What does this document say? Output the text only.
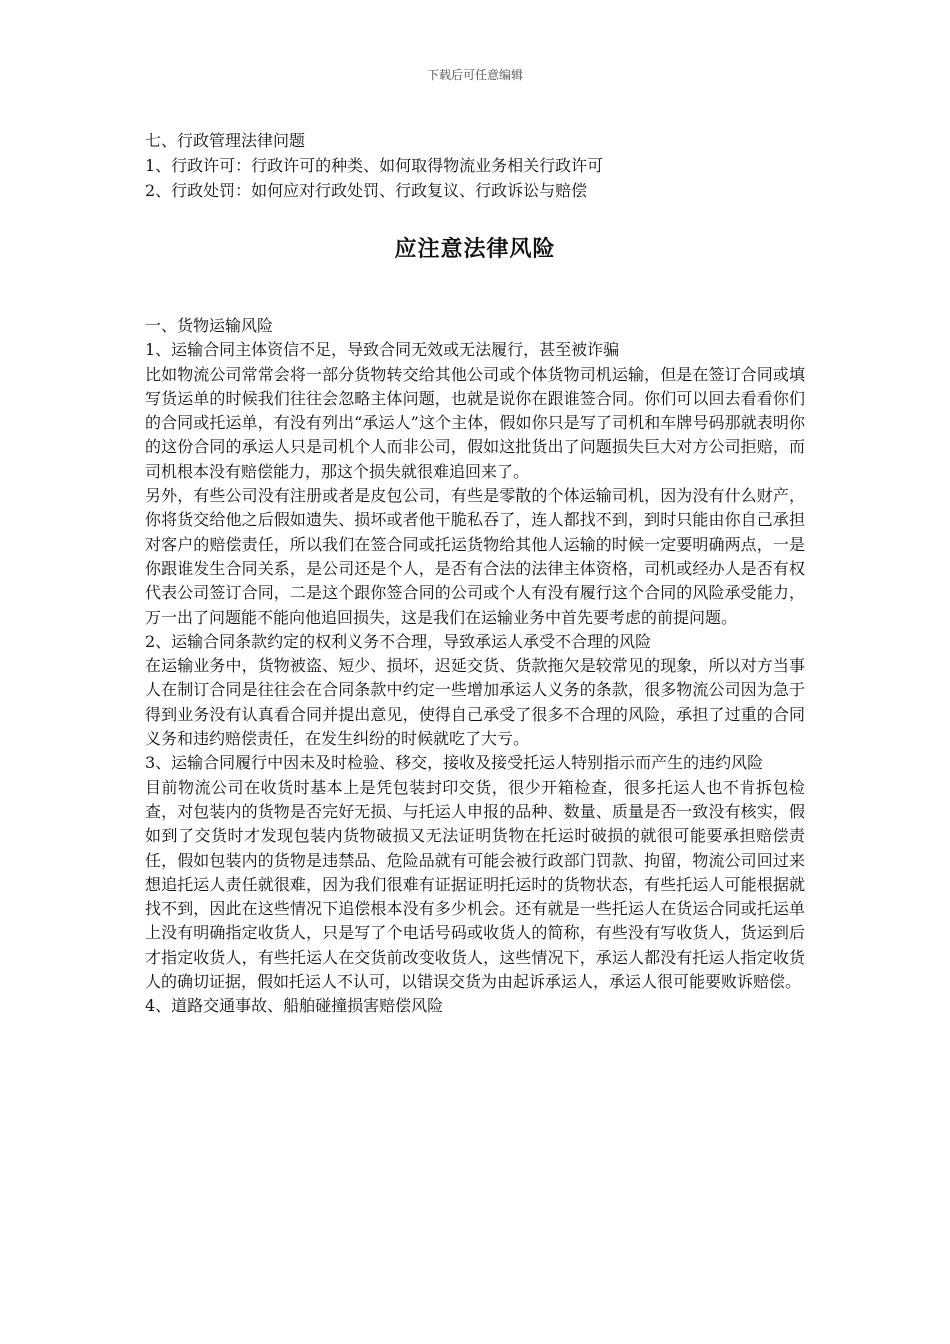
下载后可任意编辑
七、行政管理法律问题
1、行政许可：行政许可的种类、如何取得物流业务相关行政许可
2、行政处罚：如何应对行政处罚、行政复议、行政诉讼与赔偿
应注意法律风险
一、货物运输风险
1、运输合同主体资信不足，导致合同无效或无法履行，甚至被诈骗
比如物流公司常常会将一部分货物转交给其他公司或个体货物司机运输，但是在签订合同或填写货运单的时候我们往往会忽略主体问题，也就是说你在跟谁签合同。你们可以回去看看你们的合同或托运单，有没有列出“承运人”这个主体，假如你只是写了司机和车牌号码那就表明你的这份合同的承运人只是司机个人而非公司，假如这批货出了问题损失巨大对方公司拒赔，而司机根本没有赔偿能力，那这个损失就很难追回来了。
另外，有些公司没有注册或者是皮包公司，有些是零散的个体运输司机，因为没有什么财产，你将货交给他之后假如遗失、损坏或者他干脆私吞了，连人都找不到，到时只能由你自己承担对客户的赔偿责任，所以我们在签合同或托运货物给其他人运输的时候一定要明确两点，一是你跟谁发生合同关系，是公司还是个人，是否有合法的法律主体资格，司机或经办人是否有权代表公司签订合同，二是这个跟你签合同的公司或个人有没有履行这个合同的风险承受能力，万一出了问题能不能向他追回损失，这是我们在运输业务中首先要考虑的前提问题。
2、运输合同条款约定的权利义务不合理，导致承运人承受不合理的风险
在运输业务中，货物被盗、短少、损坏，迟延交货、货款拖欠是较常见的现象，所以对方当事人在制订合同是往往会在合同条款中约定一些增加承运人义务的条款，很多物流公司因为急于得到业务没有认真看合同并提出意见，使得自己承受了很多不合理的风险，承担了过重的合同义务和违约赔偿责任，在发生纠纷的时候就吃了大亏。
3、运输合同履行中因未及时检验、移交，接收及接受托运人特别指示而产生的违约风险
目前物流公司在收货时基本上是凭包装封印交货，很少开箱检查，很多托运人也不肯拆包检查，对包装内的货物是否完好无损、与托运人申报的品种、数量、质量是否一致没有核实，假如到了交货时才发现包装内货物破损又无法证明货物在托运时破损的就很可能要承担赔偿责任，假如包装内的货物是违禁品、危险品就有可能会被行政部门罚款、拘留，物流公司回过来想追托运人责任就很难，因为我们很难有证据证明托运时的货物状态，有些托运人可能根据就找不到，因此在这些情况下追偿根本没有多少机会。还有就是一些托运人在货运合同或托运单上没有明确指定收货人，只是写了个电话号码或收货人的简称，有些没有写收货人，货运到后才指定收货人，有些托运人在交货前改变收货人，这些情况下，承运人都没有托运人指定收货人的确切证据，假如托运人不认可，以错误交货为由起诉承运人，承运人很可能要败诉赔偿。
4、道路交通事故、船舶碰撞损害赔偿风险
